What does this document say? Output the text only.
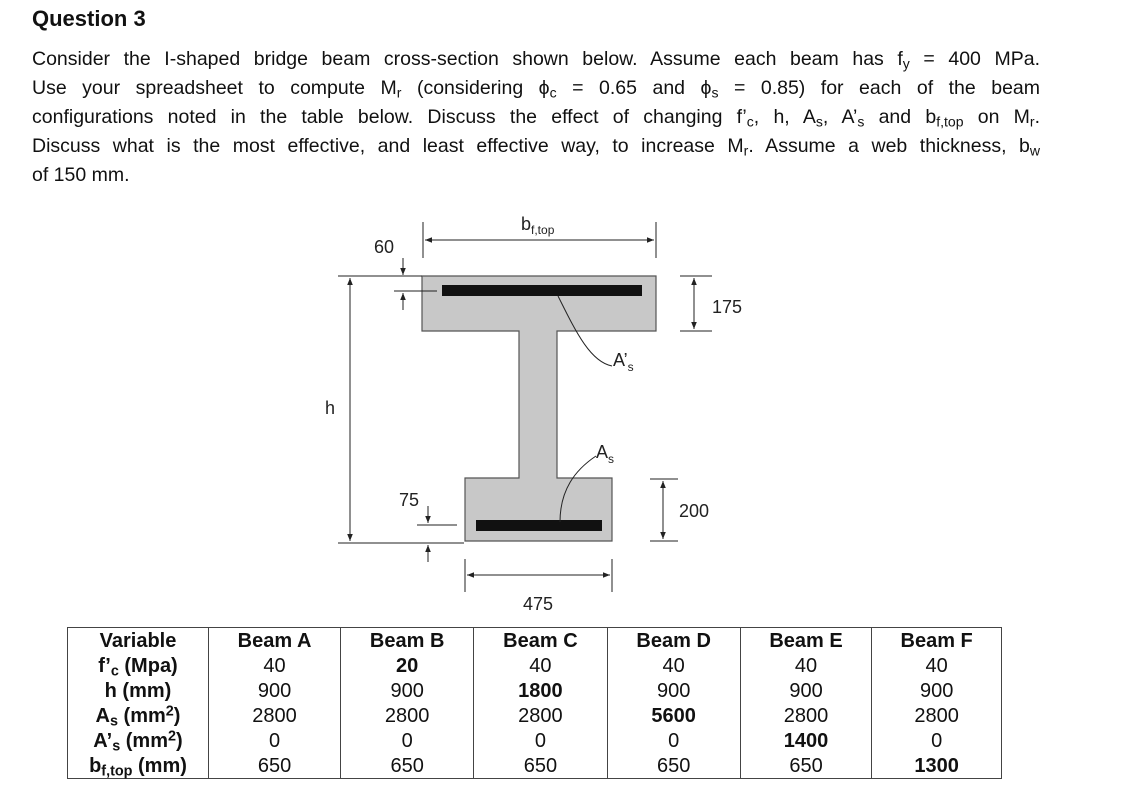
Question 3
Consider the I-shaped bridge beam cross-section shown below. Assume each beam has $f_y = 400$ MPa.
Use your spreadsheet to compute $M_r$ (considering $\phi_c = 0.65$ and $\phi_s = 0.85$) for each of the beam
configurations noted in the table below. Discuss the effect of changing $f’_c$, h, $A_s$, $A’_s$ and $b_{f,top}$ on $M_r$.
Discuss what is the most effective, and least effective way, to increase $M_r$. Assume a web thickness, $b_w$
of 150 mm.
$b_{f,top}$
h
60
175
$A’_s$
$A_s$
200
75
475
Variable	Beam A	Beam B	Beam C	Beam D	Beam E	Beam F
$f’_c$ (Mpa)	40	20	40	40	40	40
h (mm)	900	900	1800	900	900	900
$A_s$ $(mm^2)$	2800	2800	2800	5600	2800	2800
$A’_s$ $(mm^2)$	0	0	0	0	1400	0
$b_{f,top}$ (mm)	650	650	650	650	650	1300
